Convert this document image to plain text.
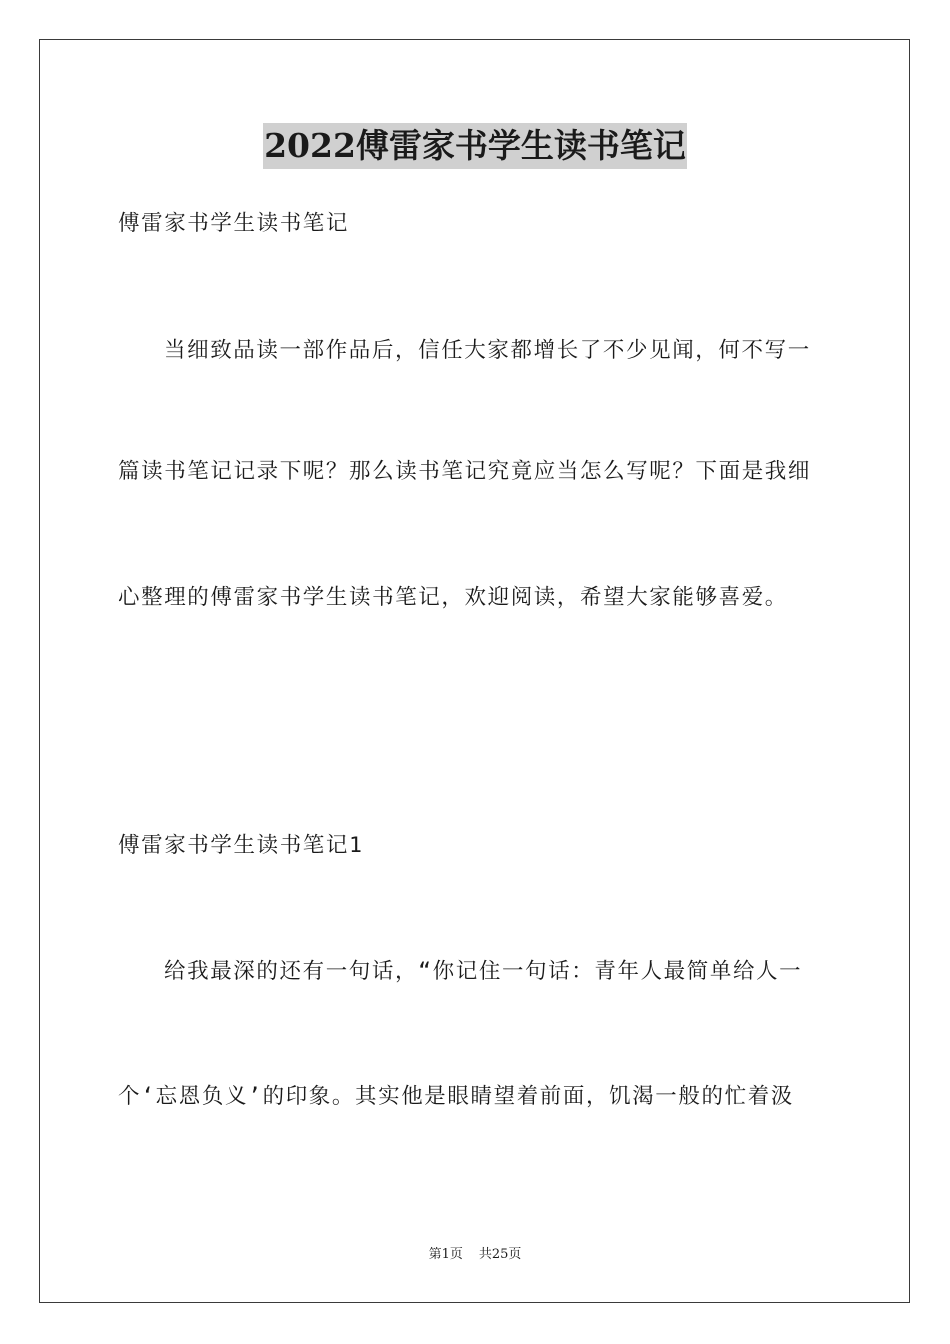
2022傅雷家书学生读书笔记
傅雷家书学生读书笔记
当细致品读一部作品后，信任大家都增长了不少见闻，何不写一
篇读书笔记记录下呢？那么读书笔记究竟应当怎么写呢？下面是我细
心整理的傅雷家书学生读书笔记，欢迎阅读，希望大家能够喜爱。
傅雷家书学生读书笔记1
给我最深的还有一句话，“你记住一句话：青年人最简单给人一
个‘忘恩负义’的印象。其实他是眼睛望着前面，饥渴一般的忙着汲
第1页 共25页
